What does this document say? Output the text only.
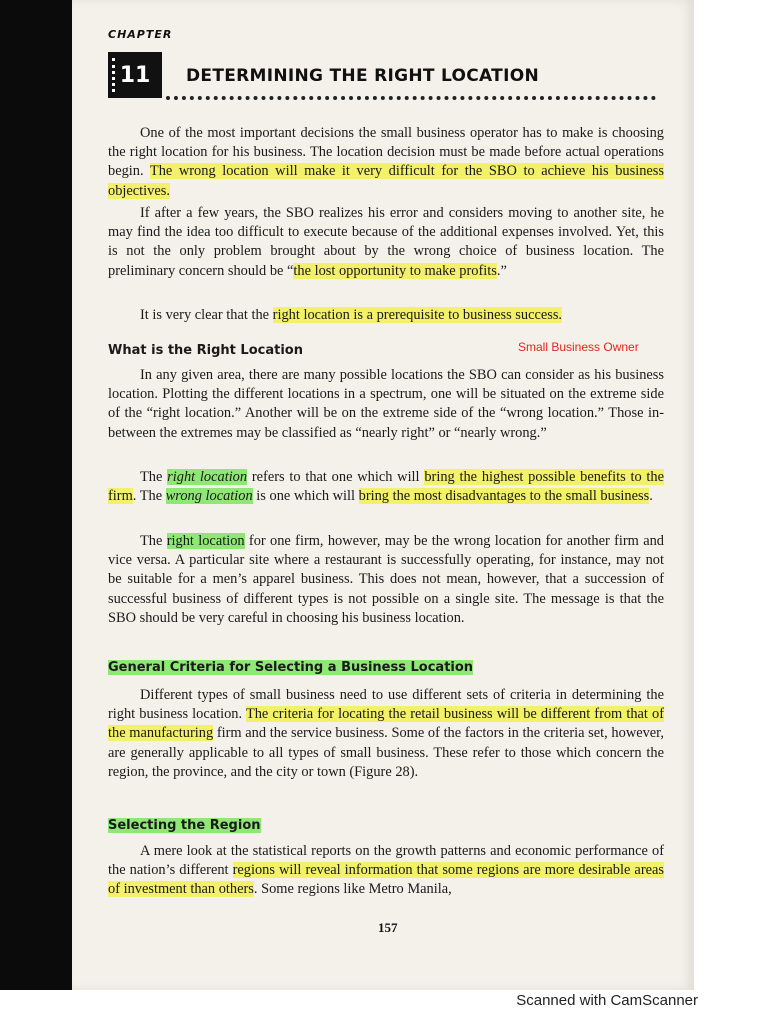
CHAPTER
11 DETERMINING THE RIGHT LOCATION

One of the most important decisions the small business operator has to make is choosing the right location for his business. The location decision must be made before actual operations begin. The wrong location will make it very difficult for the SBO to achieve his business objectives.

If after a few years, the SBO realizes his error and considers moving to another site, he may find the idea too difficult to execute because of the additional expenses involved. Yet, this is not the only problem brought about by the wrong choice of business location. The preliminary concern should be “the lost opportunity to make profits.”

It is very clear that the right location is a prerequisite to business success.

What is the Right Location	Small Business Owner

In any given area, there are many possible locations the SBO can consider as his business location. Plotting the different locations in a spectrum, one will be situated on the extreme side of the “right location.” Another will be on the extreme side of the “wrong location.” Those in-between the extremes may be classified as “nearly right” or “nearly wrong.”

The right location refers to that one which will bring the highest possible benefits to the firm. The wrong location is one which will bring the most disadvantages to the small business.

The right location for one firm, however, may be the wrong location for another firm and vice versa. A particular site where a restaurant is successfully operating, for instance, may not be suitable for a men’s apparel business. This does not mean, however, that a succession of successful business of different types is not possible on a single site. The message is that the SBO should be very careful in choosing his business location.

General Criteria for Selecting a Business Location

Different types of small business need to use different sets of criteria in determining the right business location. The criteria for locating the retail business will be different from that of the manufacturing firm and the service business. Some of the factors in the criteria set, however, are generally applicable to all types of small business. These refer to those which concern the region, the province, and the city or town (Figure 28).

Selecting the Region

A mere look at the statistical reports on the growth patterns and economic performance of the nation’s different regions will reveal information that some regions are more desirable areas of investment than others. Some regions like Metro Manila,

157
Scanned with CamScanner
